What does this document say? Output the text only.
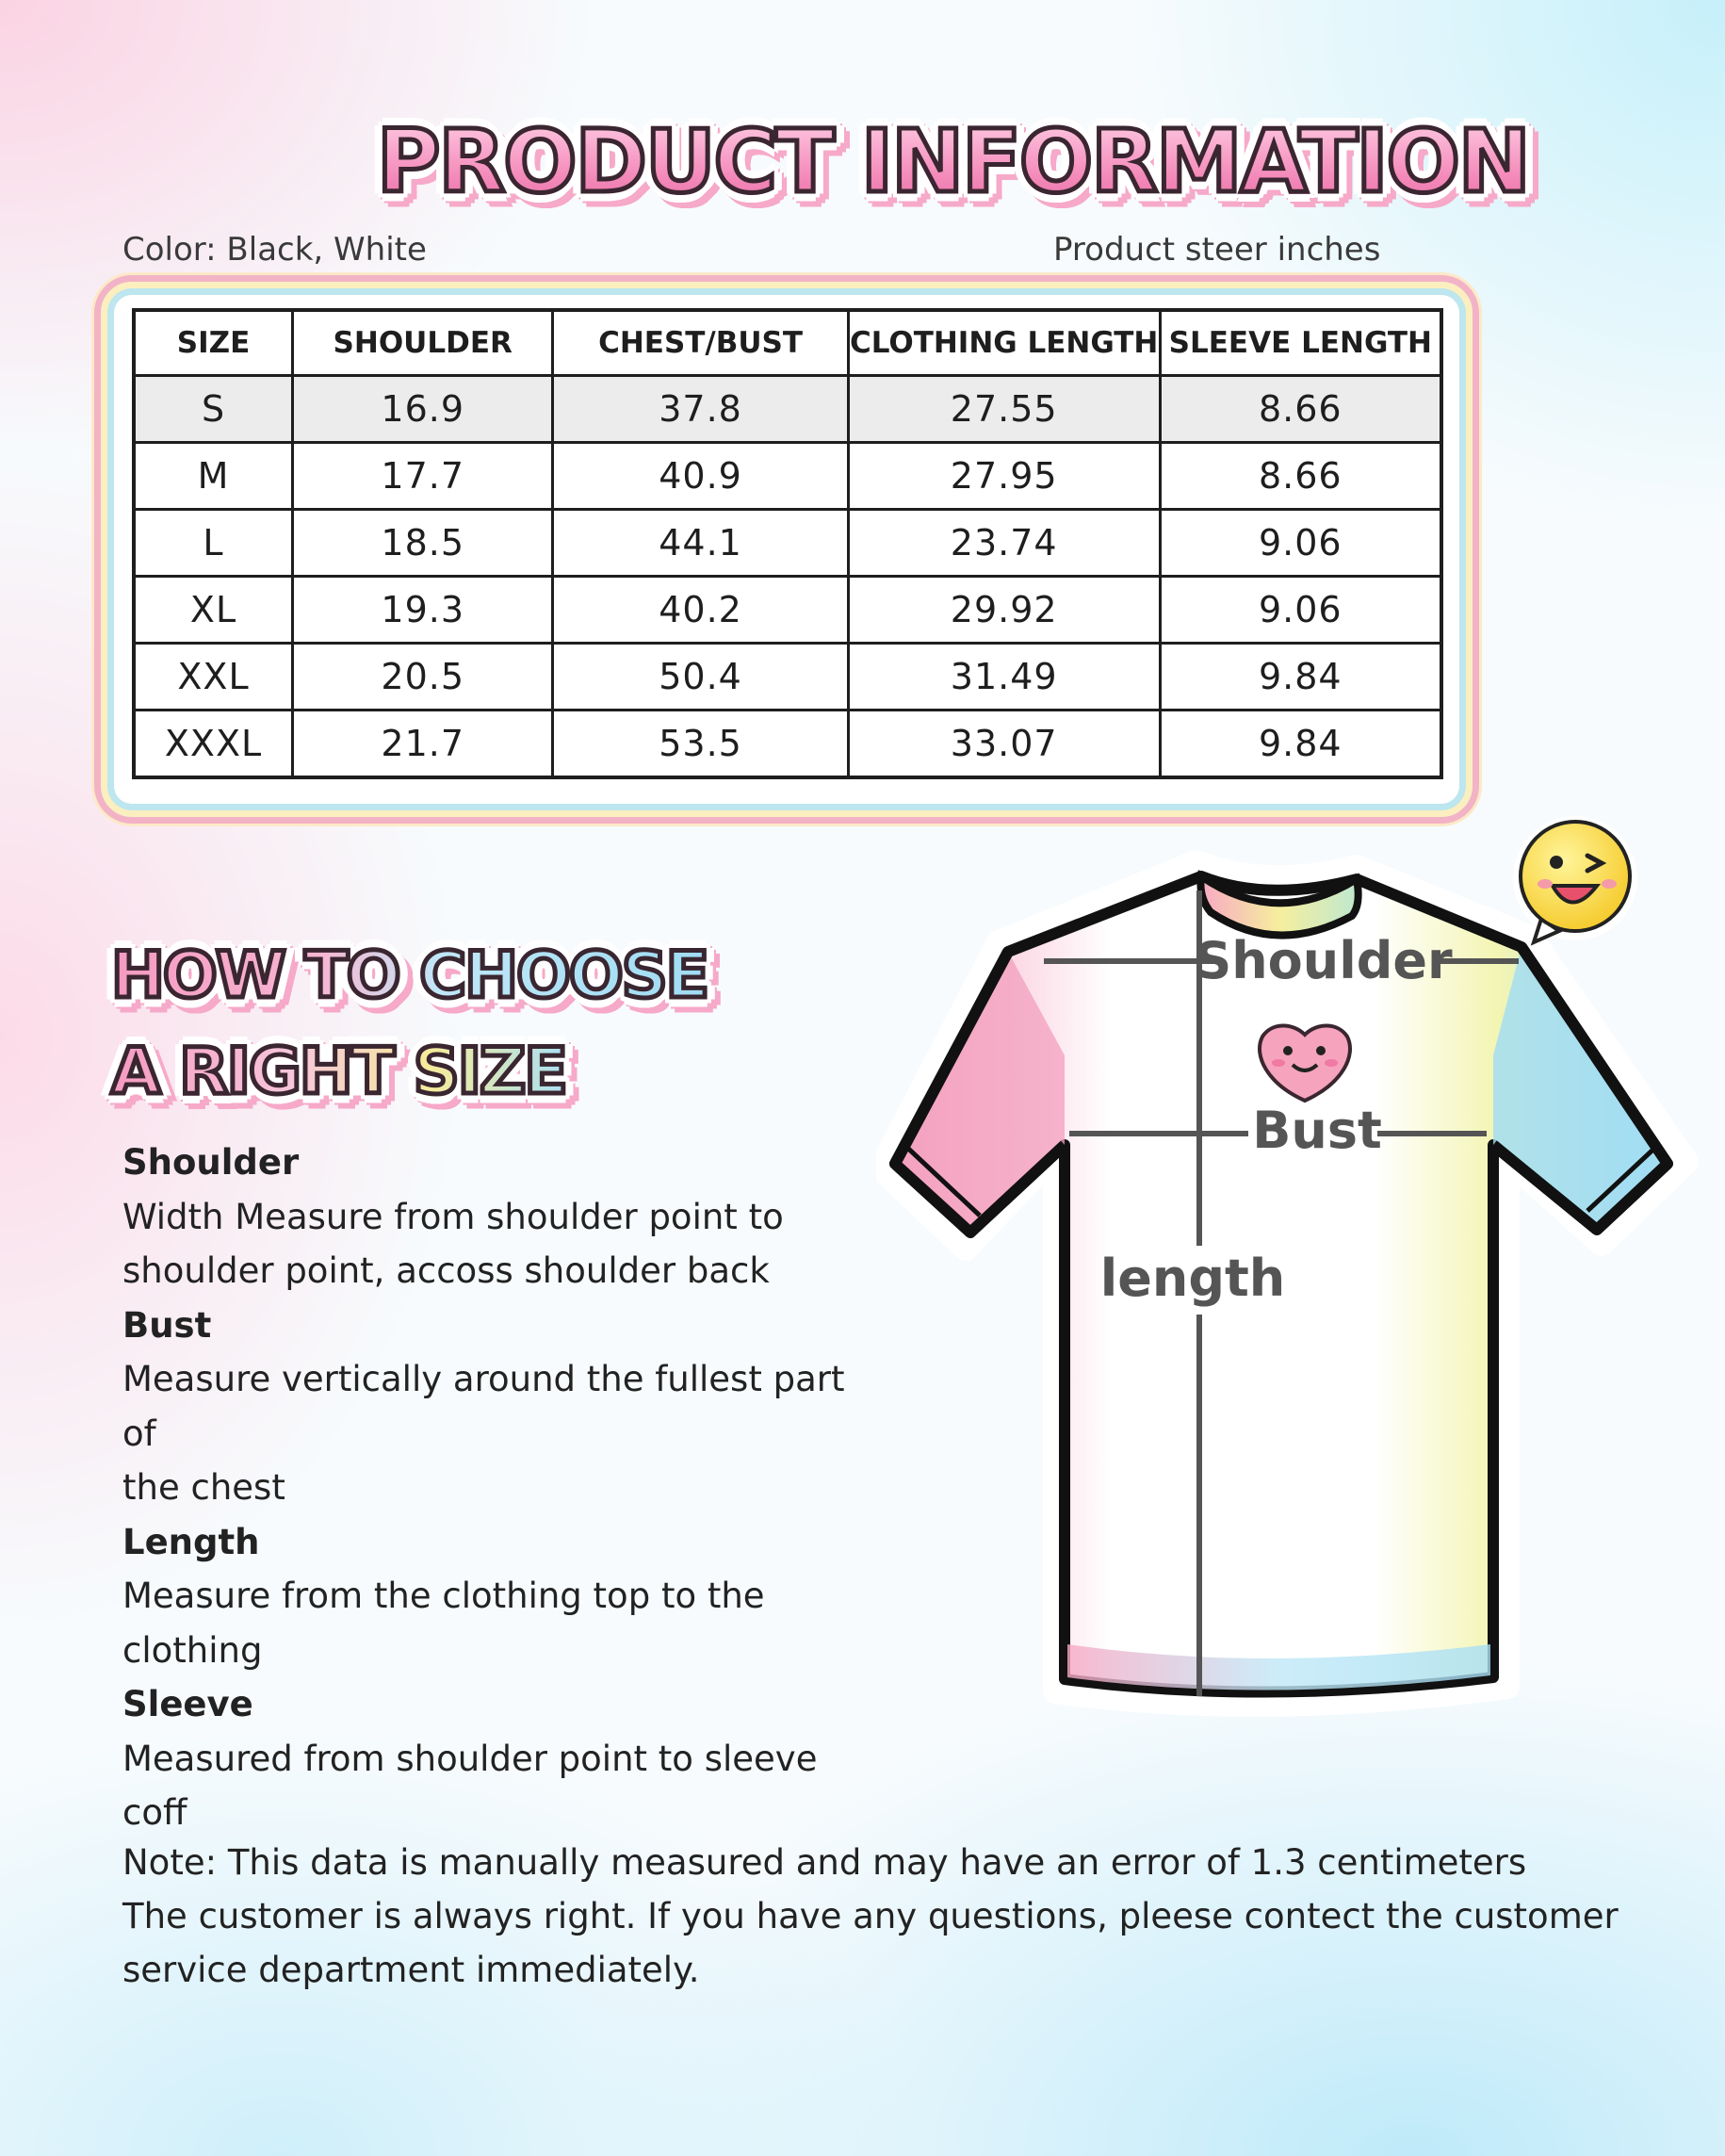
PRODUCT INFORMATION
Color: Black, White	Product steer inches
SIZE	SHOULDER	CHEST/BUST	CLOTHING LENGTH	SLEEVE LENGTH
S	16.9	37.8	27.55	8.66
M	17.7	40.9	27.95	8.66
L	18.5	44.1	23.74	9.06
XL	19.3	40.2	29.92	9.06
XXL	20.5	50.4	31.49	9.84
XXXL	21.7	53.5	33.07	9.84
HOW TO CHOOSE
A RIGHT SIZE
Shoulder
Width Measure from shoulder point to
shoulder point, accoss shoulder back
Bust
Measure vertically around the fullest part of
the chest
Length
Measure from the clothing top to the
clothing
Sleeve
Measured from shoulder point to sleeve coff
Shoulder
Bust
length
Note: This data is manually measured and may have an error of 1.3 centimeters
The customer is always right. If you have any questions, pleese contect the customer
service department immediately.
